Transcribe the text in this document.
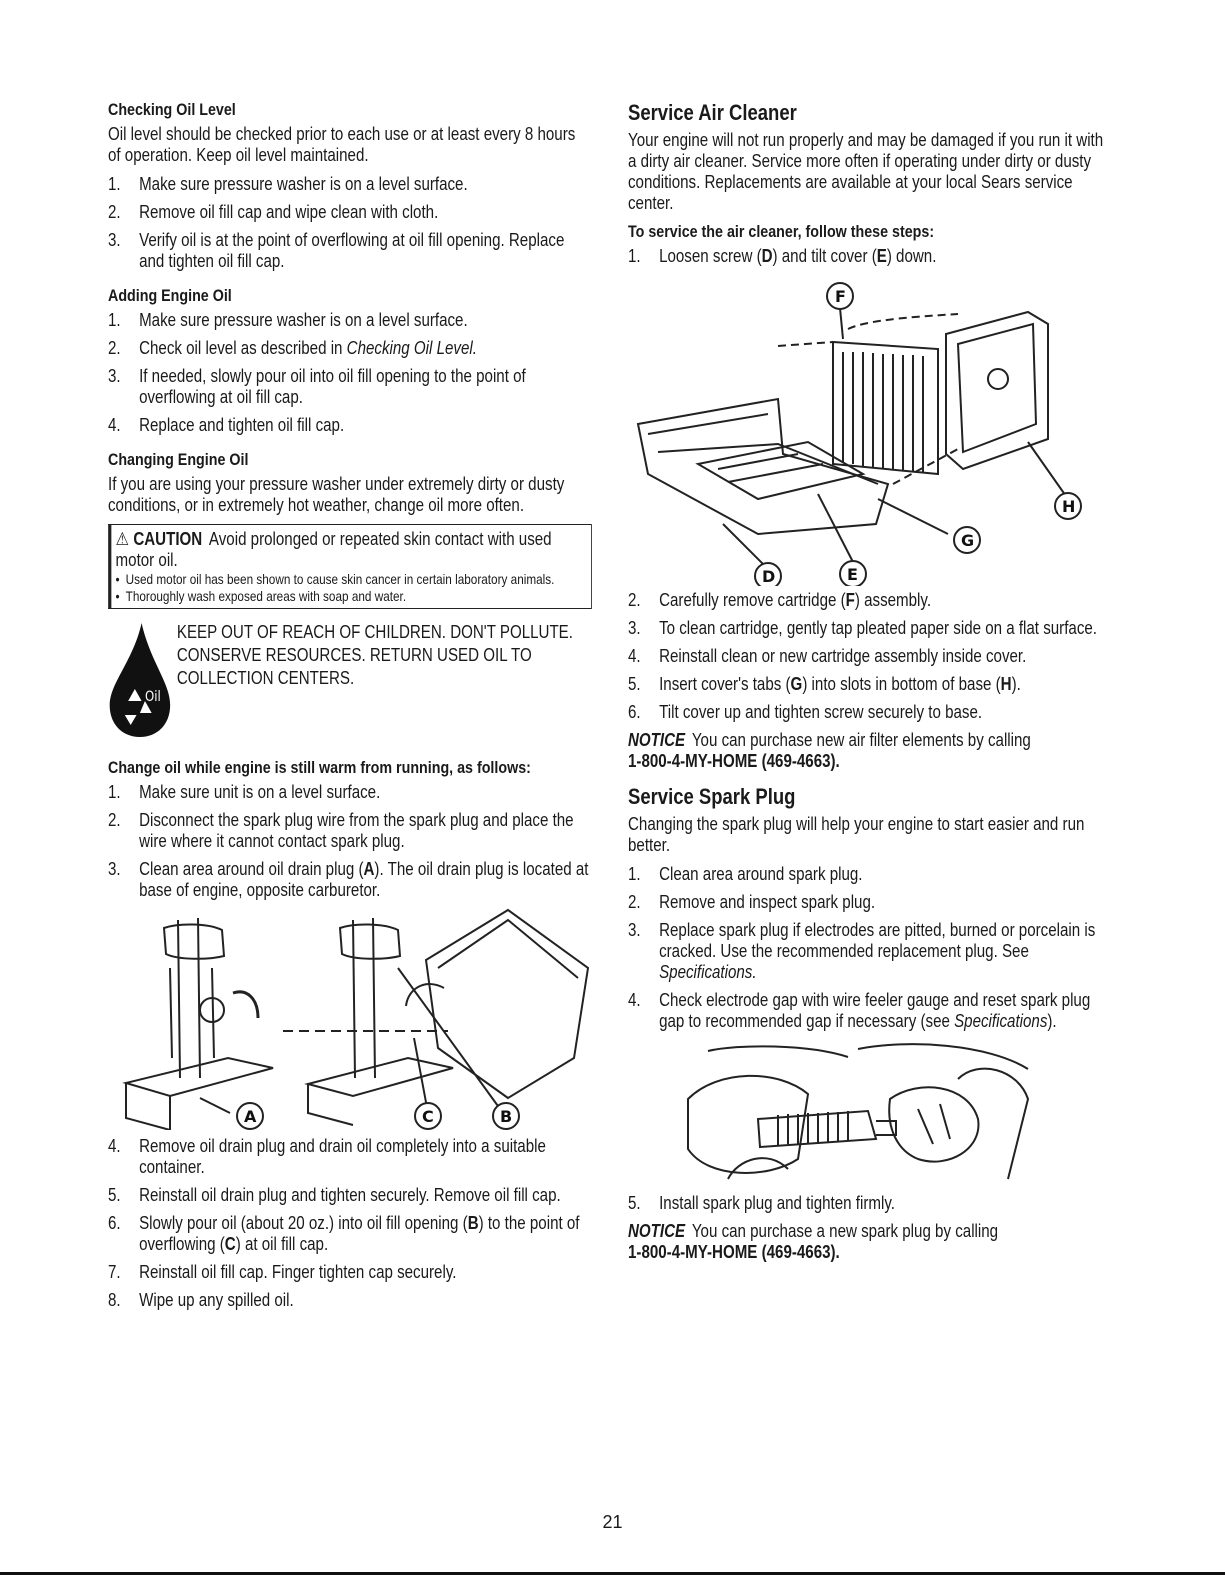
Checking Oil Level
Oil level should be checked prior to each use or at least every 8 hours of operation. Keep oil level maintained.
1.	Make sure pressure washer is on a level surface.
2.	Remove oil fill cap and wipe clean with cloth.
3.	Verify oil is at the point of overflowing at oil fill opening. Replace and tighten oil fill cap.
Adding Engine Oil
1.	Make sure pressure washer is on a level surface.
2.	Check oil level as described in Checking Oil Level.
3.	If needed, slowly pour oil into oil fill opening to the point of overflowing at oil fill cap.
4.	Replace and tighten oil fill cap.
Changing Engine Oil
If you are using your pressure washer under extremely dirty or dusty conditions, or in extremely hot weather, change oil more often.
⚠ CAUTION Avoid prolonged or repeated skin contact with used motor oil.
• Used motor oil has been shown to cause skin cancer in certain laboratory animals.
• Thoroughly wash exposed areas with soap and water.
Oil
KEEP OUT OF REACH OF CHILDREN. DON'T POLLUTE. CONSERVE RESOURCES. RETURN USED OIL TO COLLECTION CENTERS.
Change oil while engine is still warm from running, as follows:
1.	Make sure unit is on a level surface.
2.	Disconnect the spark plug wire from the spark plug and place the wire where it cannot contact spark plug.
3.	Clean area around oil drain plug (A). The oil drain plug is located at base of engine, opposite carburetor.
A	C	B
4.	Remove oil drain plug and drain oil completely into a suitable container.
5.	Reinstall oil drain plug and tighten securely. Remove oil fill cap.
6.	Slowly pour oil (about 20 oz.) into oil fill opening (B) to the point of overflowing (C) at oil fill cap.
7.	Reinstall oil fill cap. Finger tighten cap securely.
8.	Wipe up any spilled oil.
Service Air Cleaner
Your engine will not run properly and may be damaged if you run it with a dirty air cleaner. Service more often if operating under dirty or dusty conditions. Replacements are available at your local Sears service center.
To service the air cleaner, follow these steps:
1.	Loosen screw (D) and tilt cover (E) down.
F
H
G
D	E
2.	Carefully remove cartridge (F) assembly.
3.	To clean cartridge, gently tap pleated paper side on a flat surface.
4.	Reinstall clean or new cartridge assembly inside cover.
5.	Insert cover's tabs (G) into slots in bottom of base (H).
6.	Tilt cover up and tighten screw securely to base.
NOTICE You can purchase new air filter elements by calling
1-800-4-MY-HOME (469-4663).
Service Spark Plug
Changing the spark plug will help your engine to start easier and run better.
1.	Clean area around spark plug.
2.	Remove and inspect spark plug.
3.	Replace spark plug if electrodes are pitted, burned or porcelain is cracked. Use the recommended replacement plug. See Specifications.
4.	Check electrode gap with wire feeler gauge and reset spark plug gap to recommended gap if necessary (see Specifications).
5.	Install spark plug and tighten firmly.
NOTICE You can purchase a new spark plug by calling
1-800-4-MY-HOME (469-4663).
21
